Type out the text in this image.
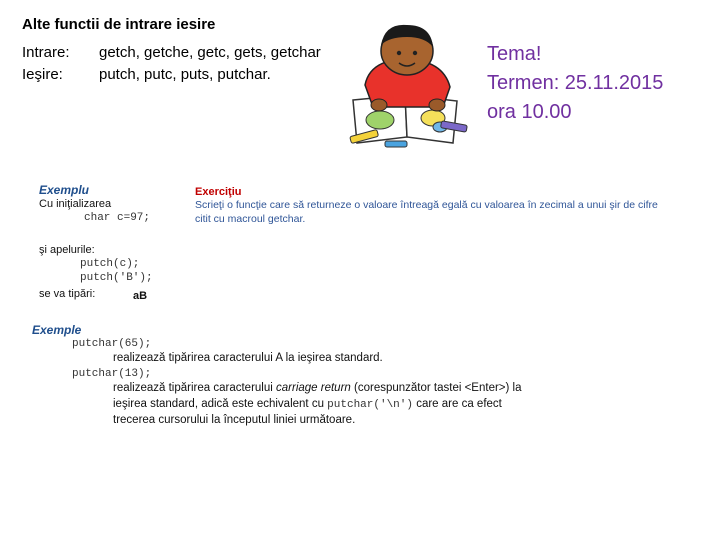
Alte functii de intrare iesire
Intrare: getch, getche, getc, gets, getchar
Ieşire: putch, putc, puts, putchar.
Tema!
Termen: 25.11.2015
ora 10.00
Exemplu
Cu iniţializarea
char c=97;
şi apelurile:
putch(c);
putch('B');
se va tipări:	aB
Exerciţiu
Scrieţi o funcţie care să returneze o valoare întreagă egală cu valoarea în zecimal a unui şir de cifre
citit cu macroul getchar.
Exemple
putchar(65);
realizează tipărirea caracterului A la ieşirea standard.
putchar(13);
realizează tipărirea caracterului carriage return (corespunzător tastei <Enter>) la
ieşirea standard, adică este echivalent cu putchar('\n') care are ca efect
trecerea cursorului la începutul liniei următoare.
